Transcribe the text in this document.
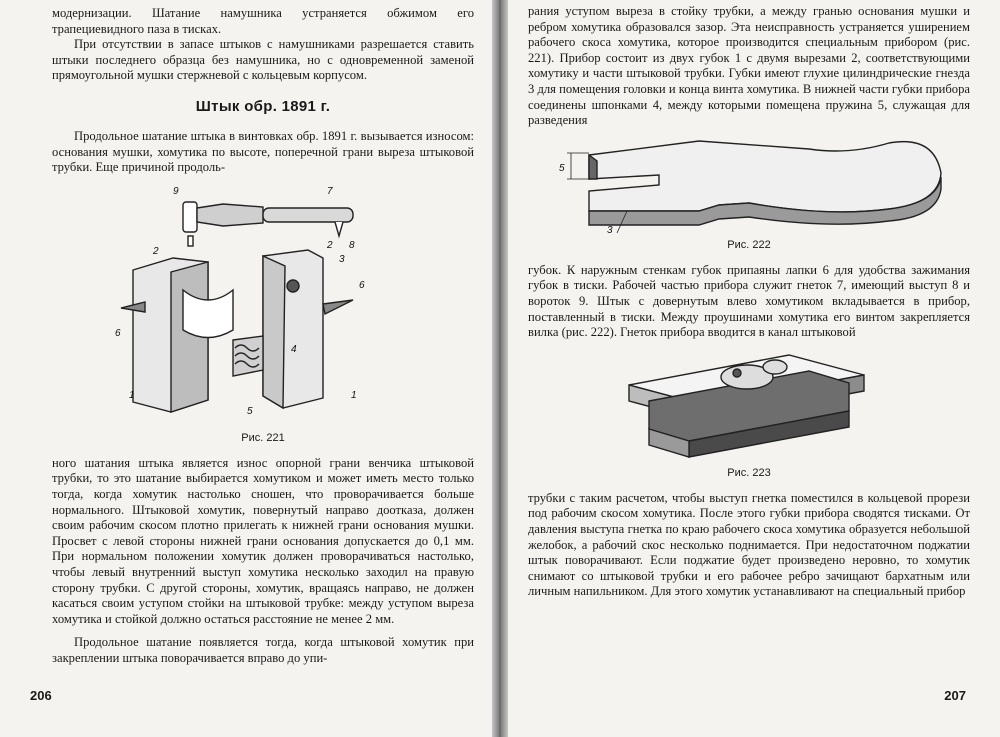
модернизации. Шатание намушника устраняется обжимом его трапециевидного паза в тисках.

При отсутствии в запасе штыков с намушниками разрешается ставить штыки последнего образца без намушника, но с одновременной заменой прямоугольной мушки стержневой с кольцевым корпусом.

Штык обр. 1891 г.

Продольное шатание штыка в винтовках обр. 1891 г. вызывается износом: основания мушки, хомутика по высоте, поперечной грани выреза штыковой трубки. Еще причиной продоль-

9	7
8
2
2
3
6
6
4
1
5
1
Рис. 221

ного шатания штыка является износ опорной грани венчика штыковой трубки, то это шатание выбирается хомутиком и может иметь место только тогда, когда хомутик настолько сношен, что проворачивается больше нормального. Штыковой хомутик, повернутый направо доотказа, должен своим рабочим скосом плотно прилегать к нижней грани основания мушки. Просвет с левой стороны нижней грани основания допускается до 0,1 мм. При нормальном положении хомутик должен проворачиваться настолько, чтобы левый внутренний выступ хомутика несколько заходил на правую сторону трубки. С другой стороны, хомутик, вращаясь направо, не должен касаться своим уступом стойки на штыковой трубке: между уступом выреза хомутика и стойкой должно остаться расстояние не менее 2 мм.

Продольное шатание появляется тогда, когда штыковой хомутик при закреплении штыка поворачивается вправо до упи-

206

рания уступом выреза в стойку трубки, а между гранью основания мушки и ребром хомутика образовался зазор. Эта неисправность устраняется уширением рабочего скоса хомутика, которое производится специальным прибором (рис. 221). Прибор состоит из двух губок 1 с двумя вырезами 2, соответствующими хомутику и части штыковой трубки. Губки имеют глухие цилиндрические гнезда 3 для помещения головки и конца винта хомутика. В нижней части губки прибора соединены шпонками 4, между которыми помещена пружина 5, служащая для разведения

5
3
Рис. 222

губок. К наружным стенкам губок припаяны лапки 6 для удобства зажимания губок в тиски. Рабочей частью прибора служит гнеток 7, имеющий выступ 8 и вороток 9. Штык с довернутым влево хомутиком вкладывается в прибор, поставленный в тиски. Между проушинами хомутика его винтом закрепляется вилка (рис. 222). Гнеток прибора вводится в канал штыковой

Рис. 223

трубки с таким расчетом, чтобы выступ гнетка поместился в кольцевой прорези под рабочим скосом хомутика. После этого губки прибора сводятся тисками. От давления выступа гнетка по краю рабочего скоса хомутика образуется небольшой желобок, а рабочий скос несколько поднимается. При недостаточном поджатии штык поворачивают. Если поджатие будет произведено неровно, то хомутик снимают со штыковой трубки и его рабочее ребро зачищают бархатным или личным напильником. Для этого хомутик устанавливают на специальный прибор

207
